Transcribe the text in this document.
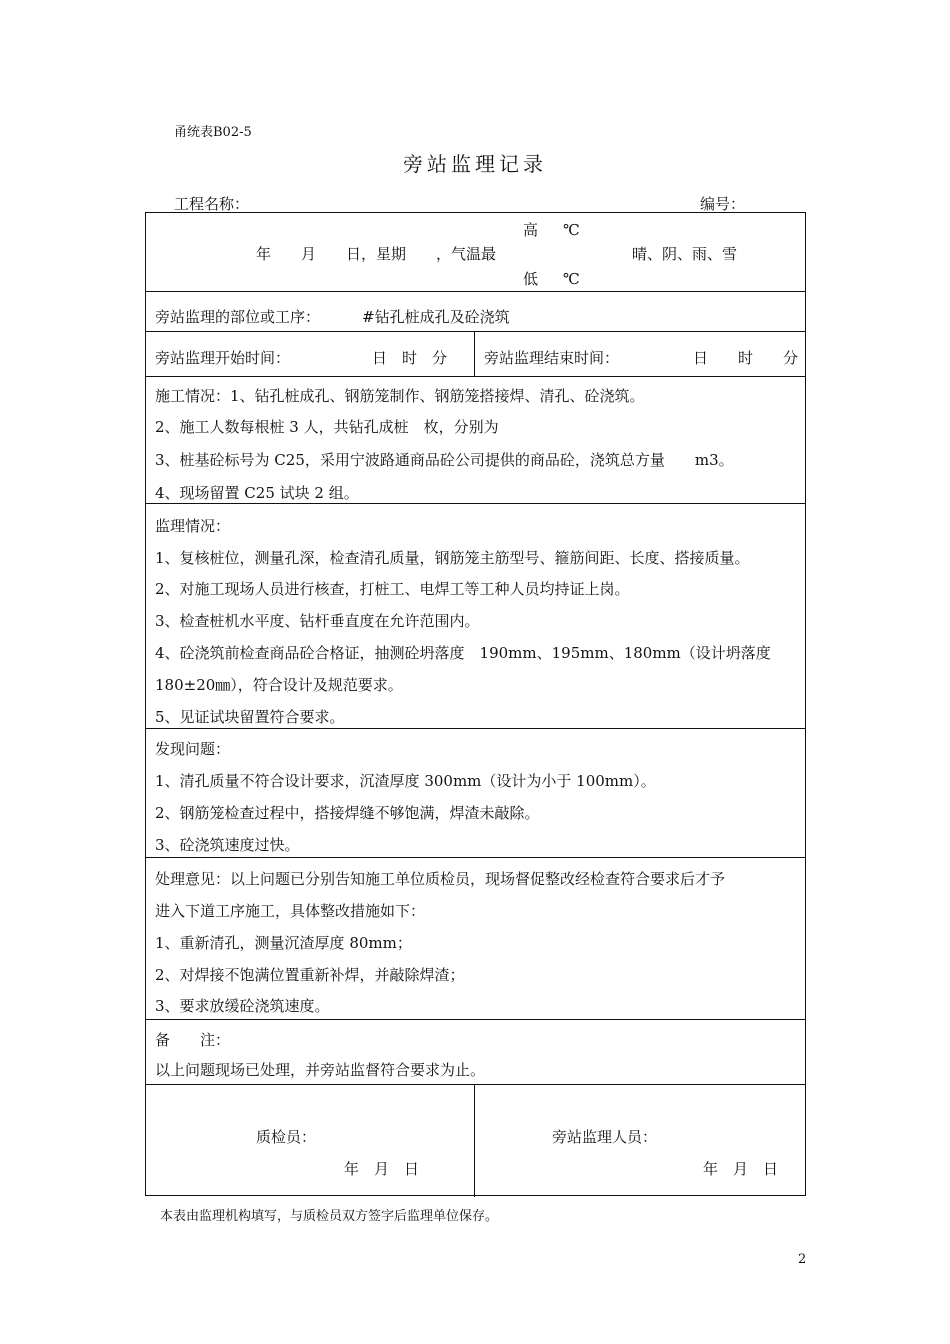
甬统表B02-5
旁站监理记录
工程名称：	编号：
高 ℃
年　　月　　日，星期　　，气温最	晴、阴、雨、雪
低 ℃
旁站监理的部位或工序：	#钻孔桩成孔及砼浇筑
旁站监理开始时间：	日　时　分 旁站监理结束时间：	日　　时　　分
施工情况：1、钻孔桩成孔、钢筋笼制作、钢筋笼搭接焊、清孔、砼浇筑。
2、施工人数每根桩 3 人，共钻孔成桩　枚，分别为
3、桩基砼标号为 C25，采用宁波路通商品砼公司提供的商品砼，浇筑总方量　　m3。
4、现场留置 C25 试块 2 组。
监理情况：
1、复核桩位，测量孔深，检查清孔质量，钢筋笼主筋型号、箍筋间距、长度、搭接质量。
2、对施工现场人员进行核查，打桩工、电焊工等工种人员均持证上岗。
3、检查桩机水平度、钻杆垂直度在允许范围内。
4、砼浇筑前检查商品砼合格证，抽测砼坍落度　190mm、195mm、180mm（设计坍落度
180±20㎜），符合设计及规范要求。
5、见证试块留置符合要求。
发现问题：
1、清孔质量不符合设计要求，沉渣厚度 300mm（设计为小于 100mm）。
2、钢筋笼检查过程中，搭接焊缝不够饱满，焊渣未敲除。
3、砼浇筑速度过快。
处理意见：以上问题已分别告知施工单位质检员，现场督促整改经检查符合要求后才予
进入下道工序施工，具体整改措施如下：
1、重新清孔，测量沉渣厚度 80mm；
2、对焊接不饱满位置重新补焊，并敲除焊渣；
3、要求放缓砼浇筑速度。
备　　注：
以上问题现场已处理，并旁站监督符合要求为止。
质检员：
年　月　日
旁站监理人员：
年　月　日
本表由监理机构填写，与质检员双方签字后监理单位保存。
2
